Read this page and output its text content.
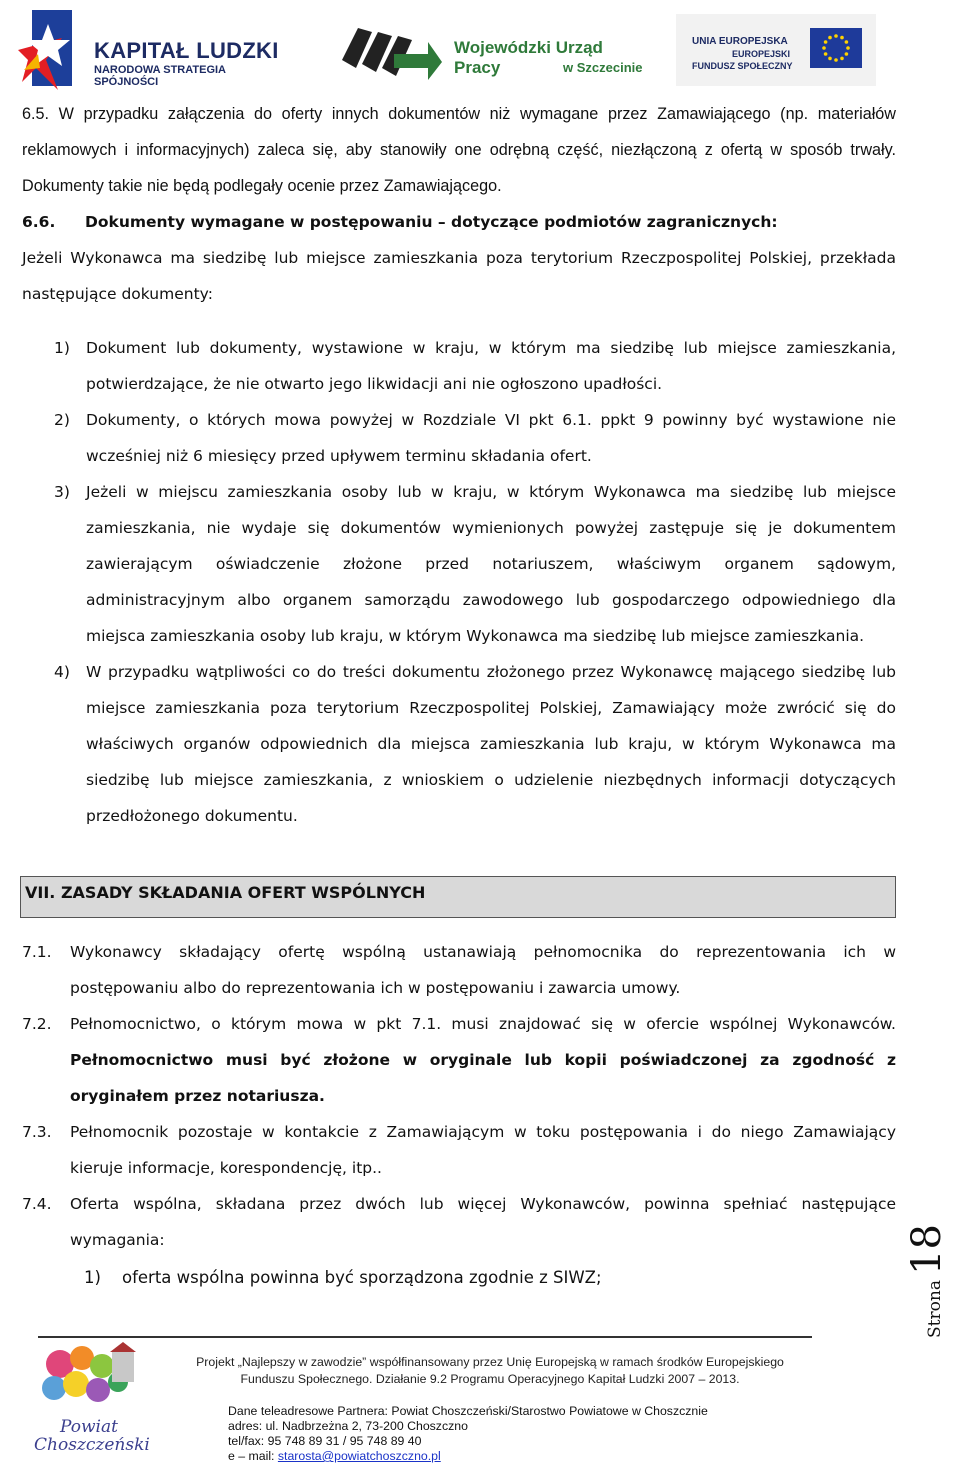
KAPITAŁ LUDZKI
NARODOWA STRATEGIA SPÓJNOŚCI
Wojewódzki Urząd Pracy	w Szczecinie
UNIA EUROPEJSKA
EUROPEJSKI
FUNDUSZ SPOŁECZNY

6.5. W przypadku załączenia do oferty innych dokumentów niż wymagane przez Zamawiającego (np. materiałów reklamowych i informacyjnych) zaleca się, aby stanowiły one odrębną część, niezłączoną z ofertą w sposób trwały. Dokumenty takie nie będą podlegały ocenie przez Zamawiającego.

6.6. Dokumenty wymagane w postępowaniu – dotyczące podmiotów zagranicznych:

Jeżeli Wykonawca ma siedzibę lub miejsce zamieszkania poza terytorium Rzeczpospolitej Polskiej, przekłada następujące dokumenty:

1) Dokument lub dokumenty, wystawione w kraju, w którym ma siedzibę lub miejsce zamieszkania, potwierdzające, że nie otwarto jego likwidacji ani nie ogłoszono upadłości.

2) Dokumenty, o których mowa powyżej w Rozdziale VI pkt 6.1. ppkt 9 powinny być wystawione nie wcześniej niż 6 miesięcy przed upływem terminu składania ofert.

3) Jeżeli w miejscu zamieszkania osoby lub w kraju, w którym Wykonawca ma siedzibę lub miejsce zamieszkania, nie wydaje się dokumentów wymienionych powyżej zastępuje się je dokumentem zawierającym oświadczenie złożone przed notariuszem, właściwym organem sądowym, administracyjnym albo organem samorządu zawodowego lub gospodarczego odpowiedniego dla miejsca zamieszkania osoby lub kraju, w którym Wykonawca ma siedzibę lub miejsce zamieszkania.

4) W przypadku wątpliwości co do treści dokumentu złożonego przez Wykonawcę mającego siedzibę lub miejsce zamieszkania poza terytorium Rzeczpospolitej Polskiej, Zamawiający może zwrócić się do właściwych organów odpowiednich dla miejsca zamieszkania lub kraju, w którym Wykonawca ma siedzibę lub miejsce zamieszkania, z wnioskiem o udzielenie niezbędnych informacji dotyczących przedłożonego dokumentu.

VII. ZASADY SKŁADANIA OFERT WSPÓLNYCH

7.1. Wykonawcy składający ofertę wspólną ustanawiają pełnomocnika do reprezentowania ich w postępowaniu albo do reprezentowania ich w postępowaniu i zawarcia umowy.

7.2. Pełnomocnictwo, o którym mowa w pkt 7.1. musi znajdować się w ofercie wspólnej Wykonawców. Pełnomocnictwo musi być złożone w oryginale lub kopii poświadczonej za zgodność z oryginałem przez notariusza.

7.3. Pełnomocnik pozostaje w kontakcie z Zamawiającym w toku postępowania i do niego Zamawiający kieruje informacje, korespondencję, itp..

7.4. Oferta wspólna, składana przez dwóch lub więcej Wykonawców, powinna spełniać następujące wymagania:

1) oferta wspólna powinna być sporządzona zgodnie z SIWZ;

Strona 18
Powiat
Choszczeński
Projekt „Najlepszy w zawodzie” współfinansowany przez Unię Europejską w ramach środków Europejskiego
Funduszu Społecznego. Działanie 9.2 Programu Operacyjnego Kapitał Ludzki 2007 – 2013.
Dane teleadresowe Partnera: Powiat Choszczeński/Starostwo Powiatowe w Choszcznie
adres: ul. Nadbrzeżna 2, 73-200 Choszczno
tel/fax: 95 748 89 31 / 95 748 89 40
e – mail: starosta@powiatchoszczno.pl
